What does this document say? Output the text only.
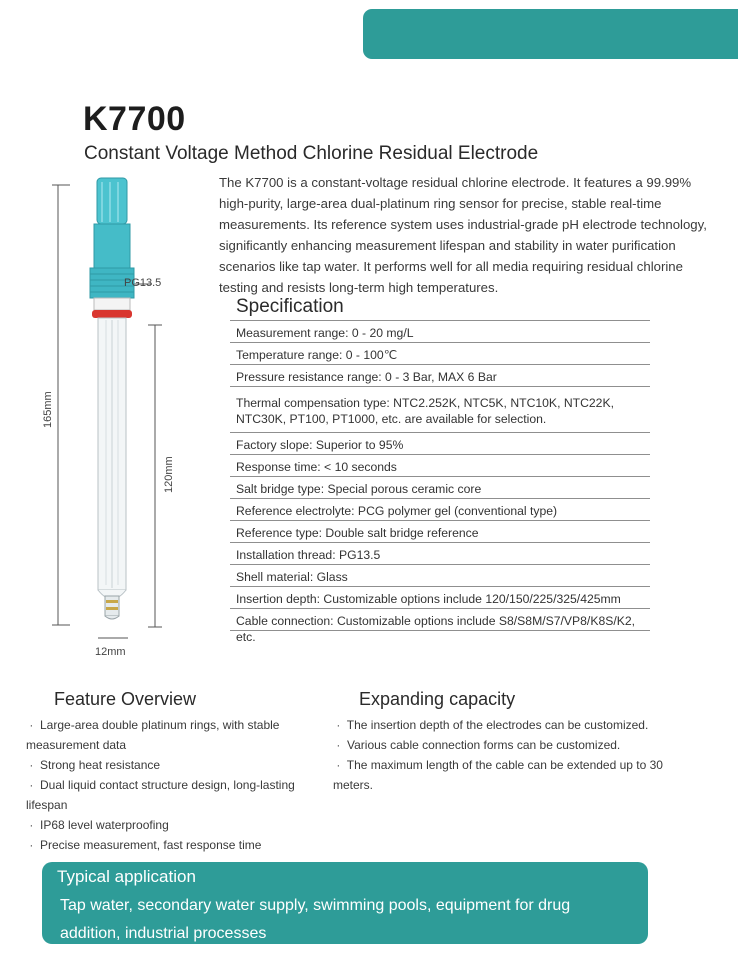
K7700
Constant Voltage Method Chlorine Residual Electrode
The K7700 is a constant-voltage residual chlorine electrode. It features a 99.99% high-purity, large-area dual-platinum ring sensor for precise, stable real-time measurements. Its reference system uses industrial-grade pH electrode technology, significantly enhancing measurement lifespan and stability in water purification scenarios like tap water. It performs well for all media requiring residual chlorine testing and resists long-term high temperatures.
PG13.5
165mm
120mm
12mm
Specification
Measurement range: 0 - 20 mg/L
Temperature range: 0 - 100℃
Pressure resistance range: 0 - 3 Bar, MAX 6 Bar
Thermal compensation type: NTC2.252K, NTC5K, NTC10K, NTC22K, NTC30K, PT100, PT1000, etc. are available for selection.
Factory slope: Superior to 95%
Response time: < 10 seconds
Salt bridge type: Special porous ceramic core
Reference electrolyte: PCG polymer gel (conventional type)
Reference type: Double salt bridge reference
Installation thread: PG13.5
Shell material: Glass
Insertion depth: Customizable options include 120/150/225/325/425mm
Cable connection: Customizable options include S8/S8M/S7/VP8/K8S/K2, etc.
Feature Overview
·  Large-area double platinum rings, with stable measurement data
·  Strong heat resistance
·  Dual liquid contact structure design, long-lasting lifespan
·  IP68 level waterproofing
·  Precise measurement, fast response time
Expanding capacity
·  The insertion depth of the electrodes can be customized.
·  Various cable connection forms can be customized.
·  The maximum length of the cable can be extended up to 30 meters.
Typical application
Tap water, secondary water supply, swimming pools, equipment for drug addition, industrial processes
